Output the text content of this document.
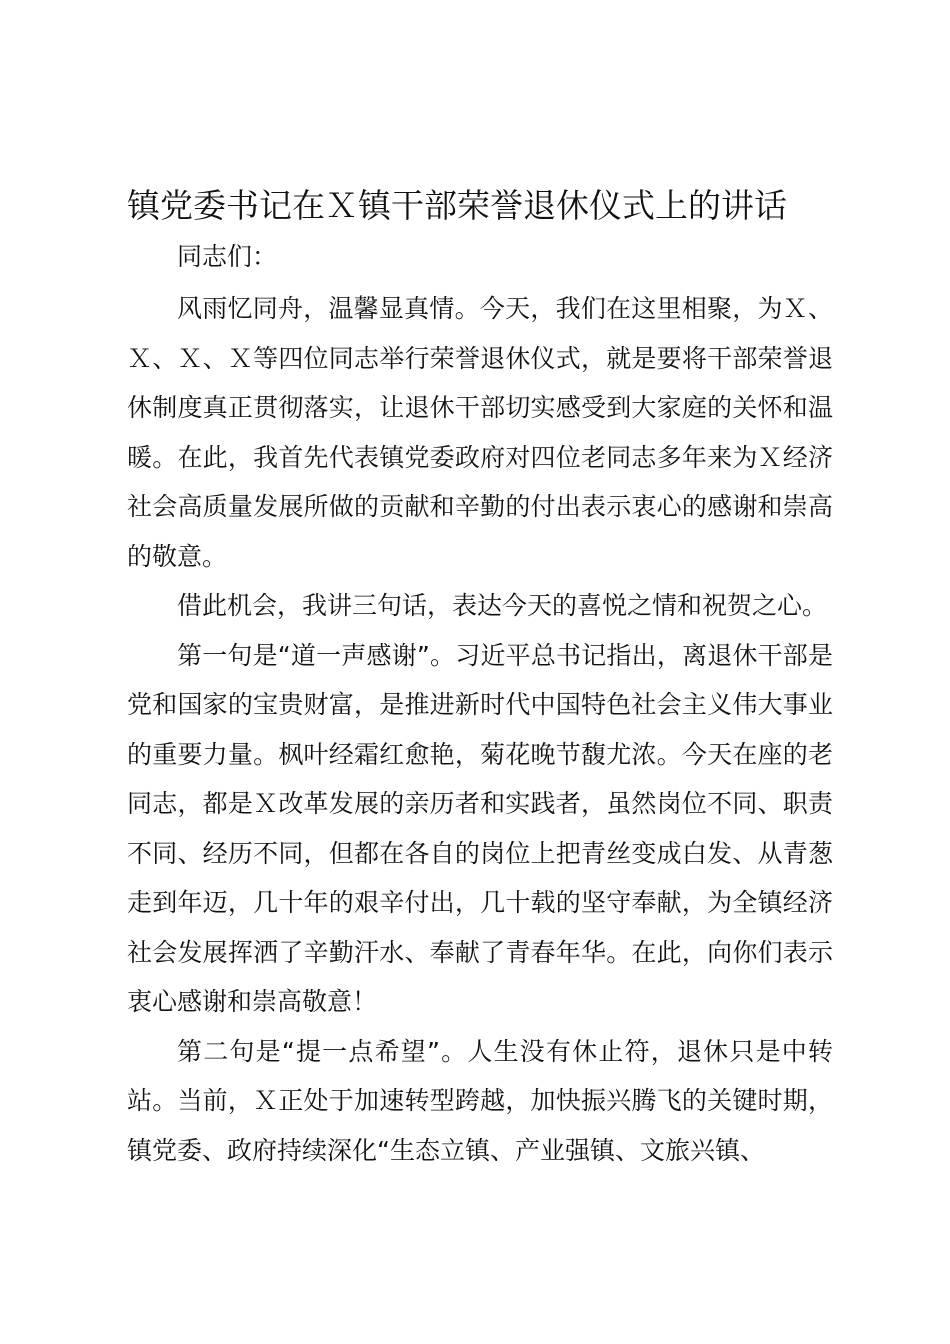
镇党委书记在Ｘ镇干部荣誉退休仪式上的讲话

同志们：

风雨忆同舟，温馨显真情。今天，我们在这里相聚，为Ｘ、Ｘ、Ｘ、Ｘ等四位同志举行荣誉退休仪式，就是要将干部荣誉退休制度真正贯彻落实，让退休干部切实感受到大家庭的关怀和温暖。在此，我首先代表镇党委政府对四位老同志多年来为Ｘ经济社会高质量发展所做的贡献和辛勤的付出表示衷心的感谢和崇高的敬意。

借此机会，我讲三句话，表达今天的喜悦之情和祝贺之心。

第一句是“道一声感谢”。习近平总书记指出，离退休干部是党和国家的宝贵财富，是推进新时代中国特色社会主义伟大事业的重要力量。枫叶经霜红愈艳，菊花晚节馥尤浓。今天在座的老同志，都是Ｘ改革发展的亲历者和实践者，虽然岗位不同、职责不同、经历不同，但都在各自的岗位上把青丝变成白发、从青葱走到年迈，几十年的艰辛付出，几十载的坚守奉献，为全镇经济社会发展挥洒了辛勤汗水、奉献了青春年华。在此，向你们表示衷心感谢和崇高敬意！

第二句是“提一点希望”。人生没有休止符，退休只是中转站。当前，Ｘ正处于加速转型跨越，加快振兴腾飞的关键时期，镇党委、政府持续深化“生态立镇、产业强镇、文旅兴镇、
